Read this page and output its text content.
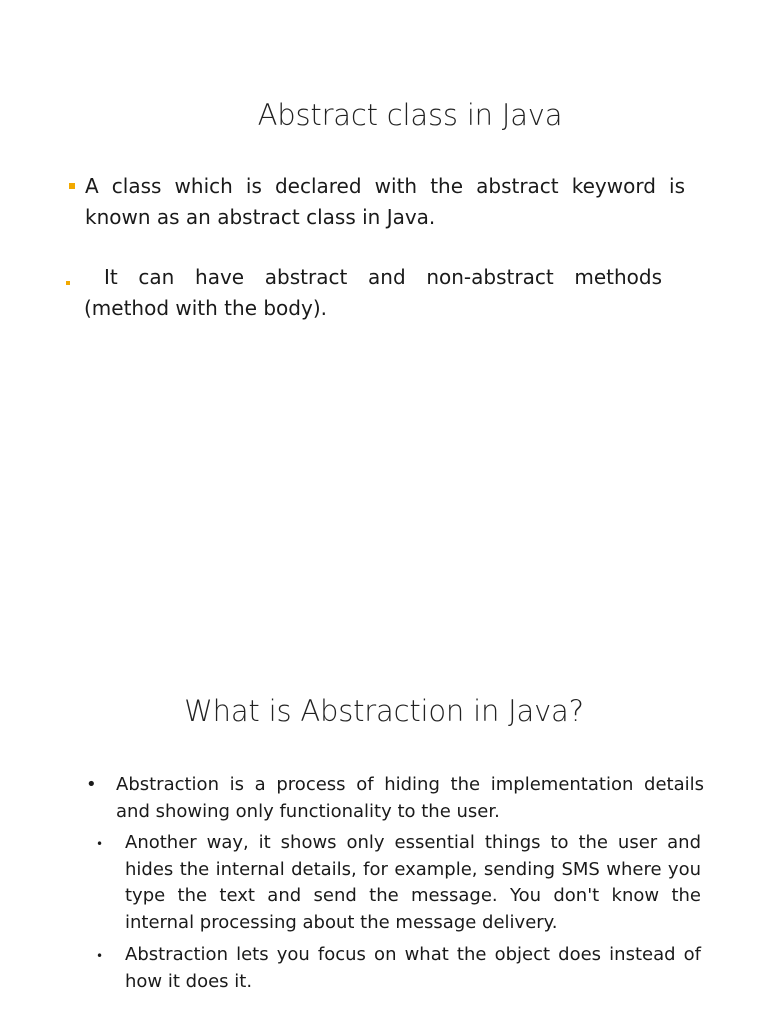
Abstract class in Java

A class which is declared with the abstract keyword is known as an abstract class in Java.

It can have abstract and non-abstract methods (method with the body).

What is Abstraction in Java?
• Abstraction is a process of hiding the implementation details and showing only functionality to the user.

• Another way, it shows only essential things to the user and hides the internal details, for example, sending SMS where you type the text and send the message. You don't know the internal processing about the message delivery.

• Abstraction lets you focus on what the object does instead of how it does it.
